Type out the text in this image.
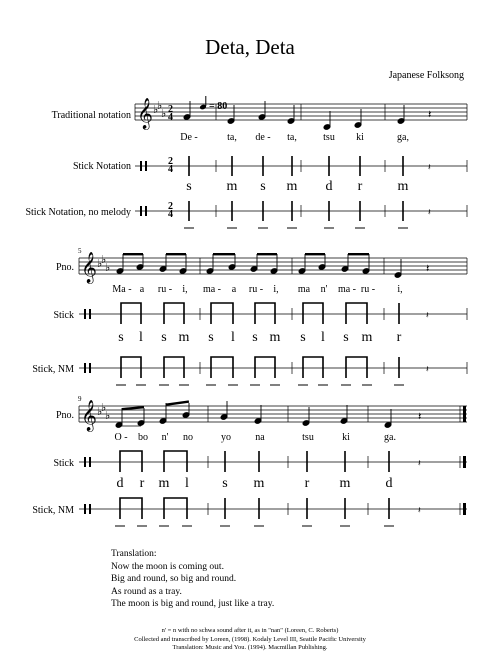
Deta, Deta
Japanese Folksong
= 80
Traditional notation
Stick Notation
Stick Notation, no melody
𝄞 ♭
♭
♭ 2
4
2
4
2
4
𝄽
𝄽
𝄽
De -	ta, de - ta,	tsu ki	ga,
s m s m d r	m
5
Pno.
Stick
Stick, NM
𝄞 ♭
♭
♭	𝄽
𝄽
𝄽
Ma - a ru - i, ma - a ru - i, ma n' ma - ru - i,
s l s m s l s m s l s m r
9
Pno.
Stick
Stick, NM
𝄞 ♭
♭
♭	𝄽
𝄽
𝄽
O - bo n' no	yo na	tsu	ki	ga.
d r m l s m	r m	d
Translation:
Now the moon is coming out.
Big and round, so big and round.
As round as a tray.
The moon is big and round, just like a tray.
n' = n with no schwa sound after it, as in "nan" (Loreen, C. Roberts)
Collected and transcribed by Loreen, (1998). Kodaly Level III, Seattle Pacific University
Translation: Music and You. (1994). Macmillan Publishing.
